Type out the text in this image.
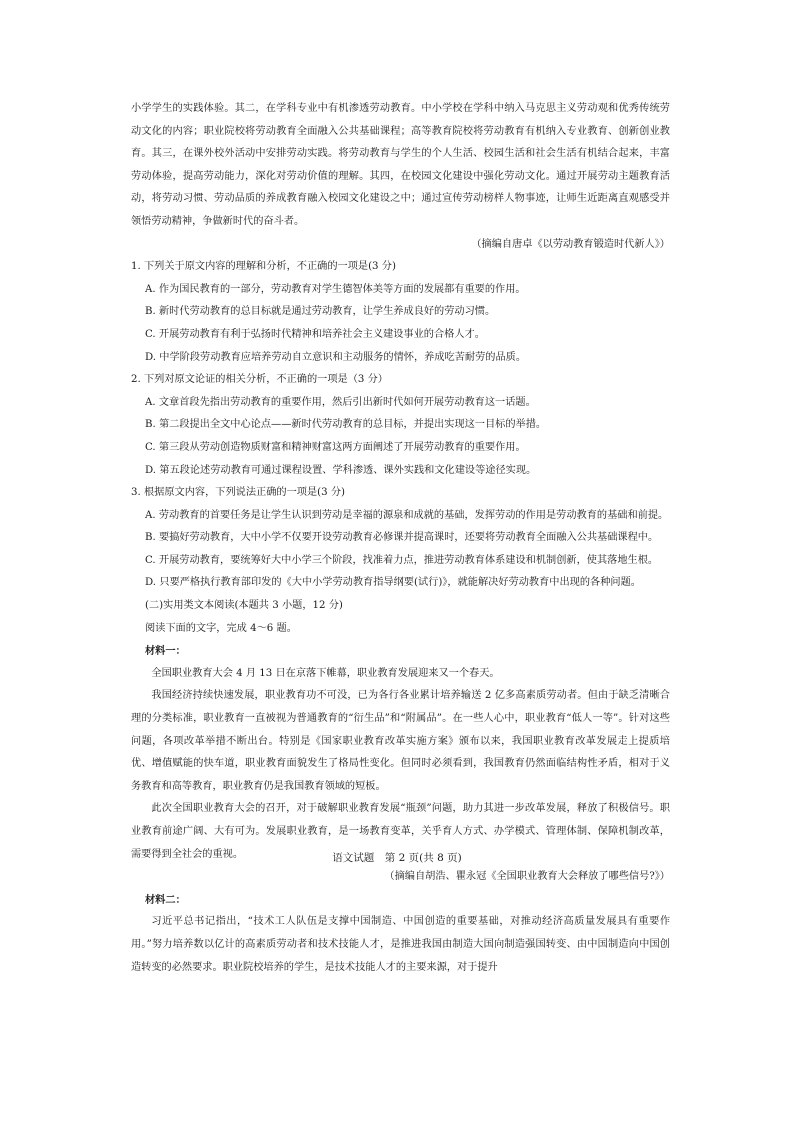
小学学生的实践体验。其二，在学科专业中有机渗透劳动教育。中小学校在学科中纳入马克思主义劳动观和优秀传统劳动文化的内容；职业院校将劳动教育全面融入公共基础课程；高等教育院校将劳动教育有机纳入专业教育、创新创业教育。其三，在课外校外活动中安排劳动实践。将劳动教育与学生的个人生活、校园生活和社会生活有机结合起来，丰富劳动体验，提高劳动能力，深化对劳动价值的理解。其四，在校园文化建设中强化劳动文化。通过开展劳动主题教育活动，将劳动习惯、劳动品质的养成教育融入校园文化建设之中；通过宣传劳动榜样人物事迹，让师生近距离直观感受并领悟劳动精神，争做新时代的奋斗者。

（摘编自唐卓《以劳动教育锻造时代新人》）

1. 下列关于原文内容的理解和分析，不正确的一项是(3 分)

A. 作为国民教育的一部分，劳动教育对学生德智体美等方面的发展都有重要的作用。

B. 新时代劳动教育的总目标就是通过劳动教育，让学生养成良好的劳动习惯。

C. 开展劳动教育有利于弘扬时代精神和培养社会主义建设事业的合格人才。

D. 中学阶段劳动教育应培养劳动自立意识和主动服务的情怀，养成吃苦耐劳的品质。

2. 下列对原文论证的相关分析，不正确的一项是（3 分）

A. 文章首段先指出劳动教育的重要作用，然后引出新时代如何开展劳动教育这一话题。

B. 第二段提出全文中心论点——新时代劳动教育的总目标，并提出实现这一目标的举措。

C. 第三段从劳动创造物质财富和精神财富这两方面阐述了开展劳动教育的重要作用。

D. 第五段论述劳动教育可通过课程设置、学科渗透、课外实践和文化建设等途径实现。

3. 根据原文内容，下列说法正确的一项是(3 分)

A. 劳动教育的首要任务是让学生认识到劳动是幸福的源泉和成就的基础，发挥劳动的作用是劳动教育的基础和前提。

B. 要搞好劳动教育，大中小学不仅要开设劳动教育必修课并提高课时，还要将劳动教育全面融入公共基础课程中。

C. 开展劳动教育，要统筹好大中小学三个阶段，找准着力点，推进劳动教育体系建设和机制创新，使其落地生根。

D. 只要严格执行教育部印发的《大中小学劳动教育指导纲要(试行)》，就能解决好劳动教育中出现的各种问题。

(二)实用类文本阅读(本题共 3 小题，12 分)

阅读下面的文字，完成 4～6 题。

材料一：

全国职业教育大会 4 月 13 日在京落下帷幕，职业教育发展迎来又一个春天。

我国经济持续快速发展，职业教育功不可没，已为各行各业累计培养输送 2 亿多高素质劳动者。但由于缺乏清晰合理的分类标准，职业教育一直被视为普通教育的“衍生品”和“附属品”。在一些人心中，职业教育“低人一等”。针对这些问题，各项改革举措不断出台。特别是《国家职业教育改革实施方案》颁布以来，我国职业教育改革发展走上提质培优、增值赋能的快车道，职业教育面貌发生了格局性变化。但同时必须看到，我国教育仍然面临结构性矛盾，相对于义务教育和高等教育，职业教育仍是我国教育领域的短板。

此次全国职业教育大会的召开，对于破解职业教育发展“瓶颈”问题，助力其进一步改革发展，释放了积极信号。职业教育前途广阔、大有可为。发展职业教育，是一场教育变革，关乎育人方式、办学模式、管理体制、保障机制改革，需要得到全社会的重视。

（摘编自胡浩、瞿永冠《全国职业教育大会释放了哪些信号?》）

材料二：

习近平总书记指出，“技术工人队伍是支撑中国制造、中国创造的重要基础，对推动经济高质量发展具有重要作用。”努力培养数以亿计的高素质劳动者和技术技能人才，是推进我国由制造大国向制造强国转变、由中国制造向中国创造转变的必然要求。职业院校培养的学生，是技术技能人才的主要来源，对于提升

语文试题　第 2 页(共 8 页)
